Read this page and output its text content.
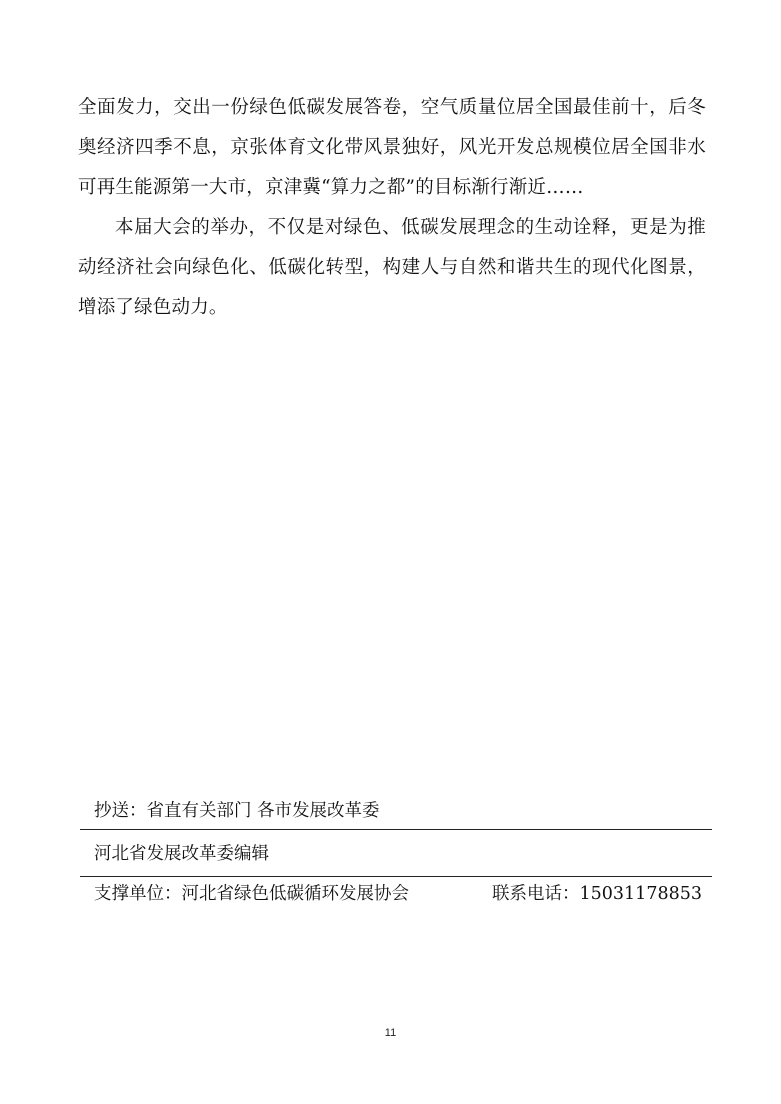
全面发力，交出一份绿色低碳发展答卷，空气质量位居全国最佳前十，后冬奥经济四季不息，京张体育文化带风景独好，风光开发总规模位居全国非水可再生能源第一大市，京津冀“算力之都”的目标渐行渐近……

本届大会的举办，不仅是对绿色、低碳发展理念的生动诠释，更是为推动经济社会向绿色化、低碳化转型，构建人与自然和谐共生的现代化图景，增添了绿色动力。

抄送：省直有关部门 各市发展改革委
河北省发展改革委编辑
支撑单位：河北省绿色低碳循环发展协会	联系电话：15031178853
11
